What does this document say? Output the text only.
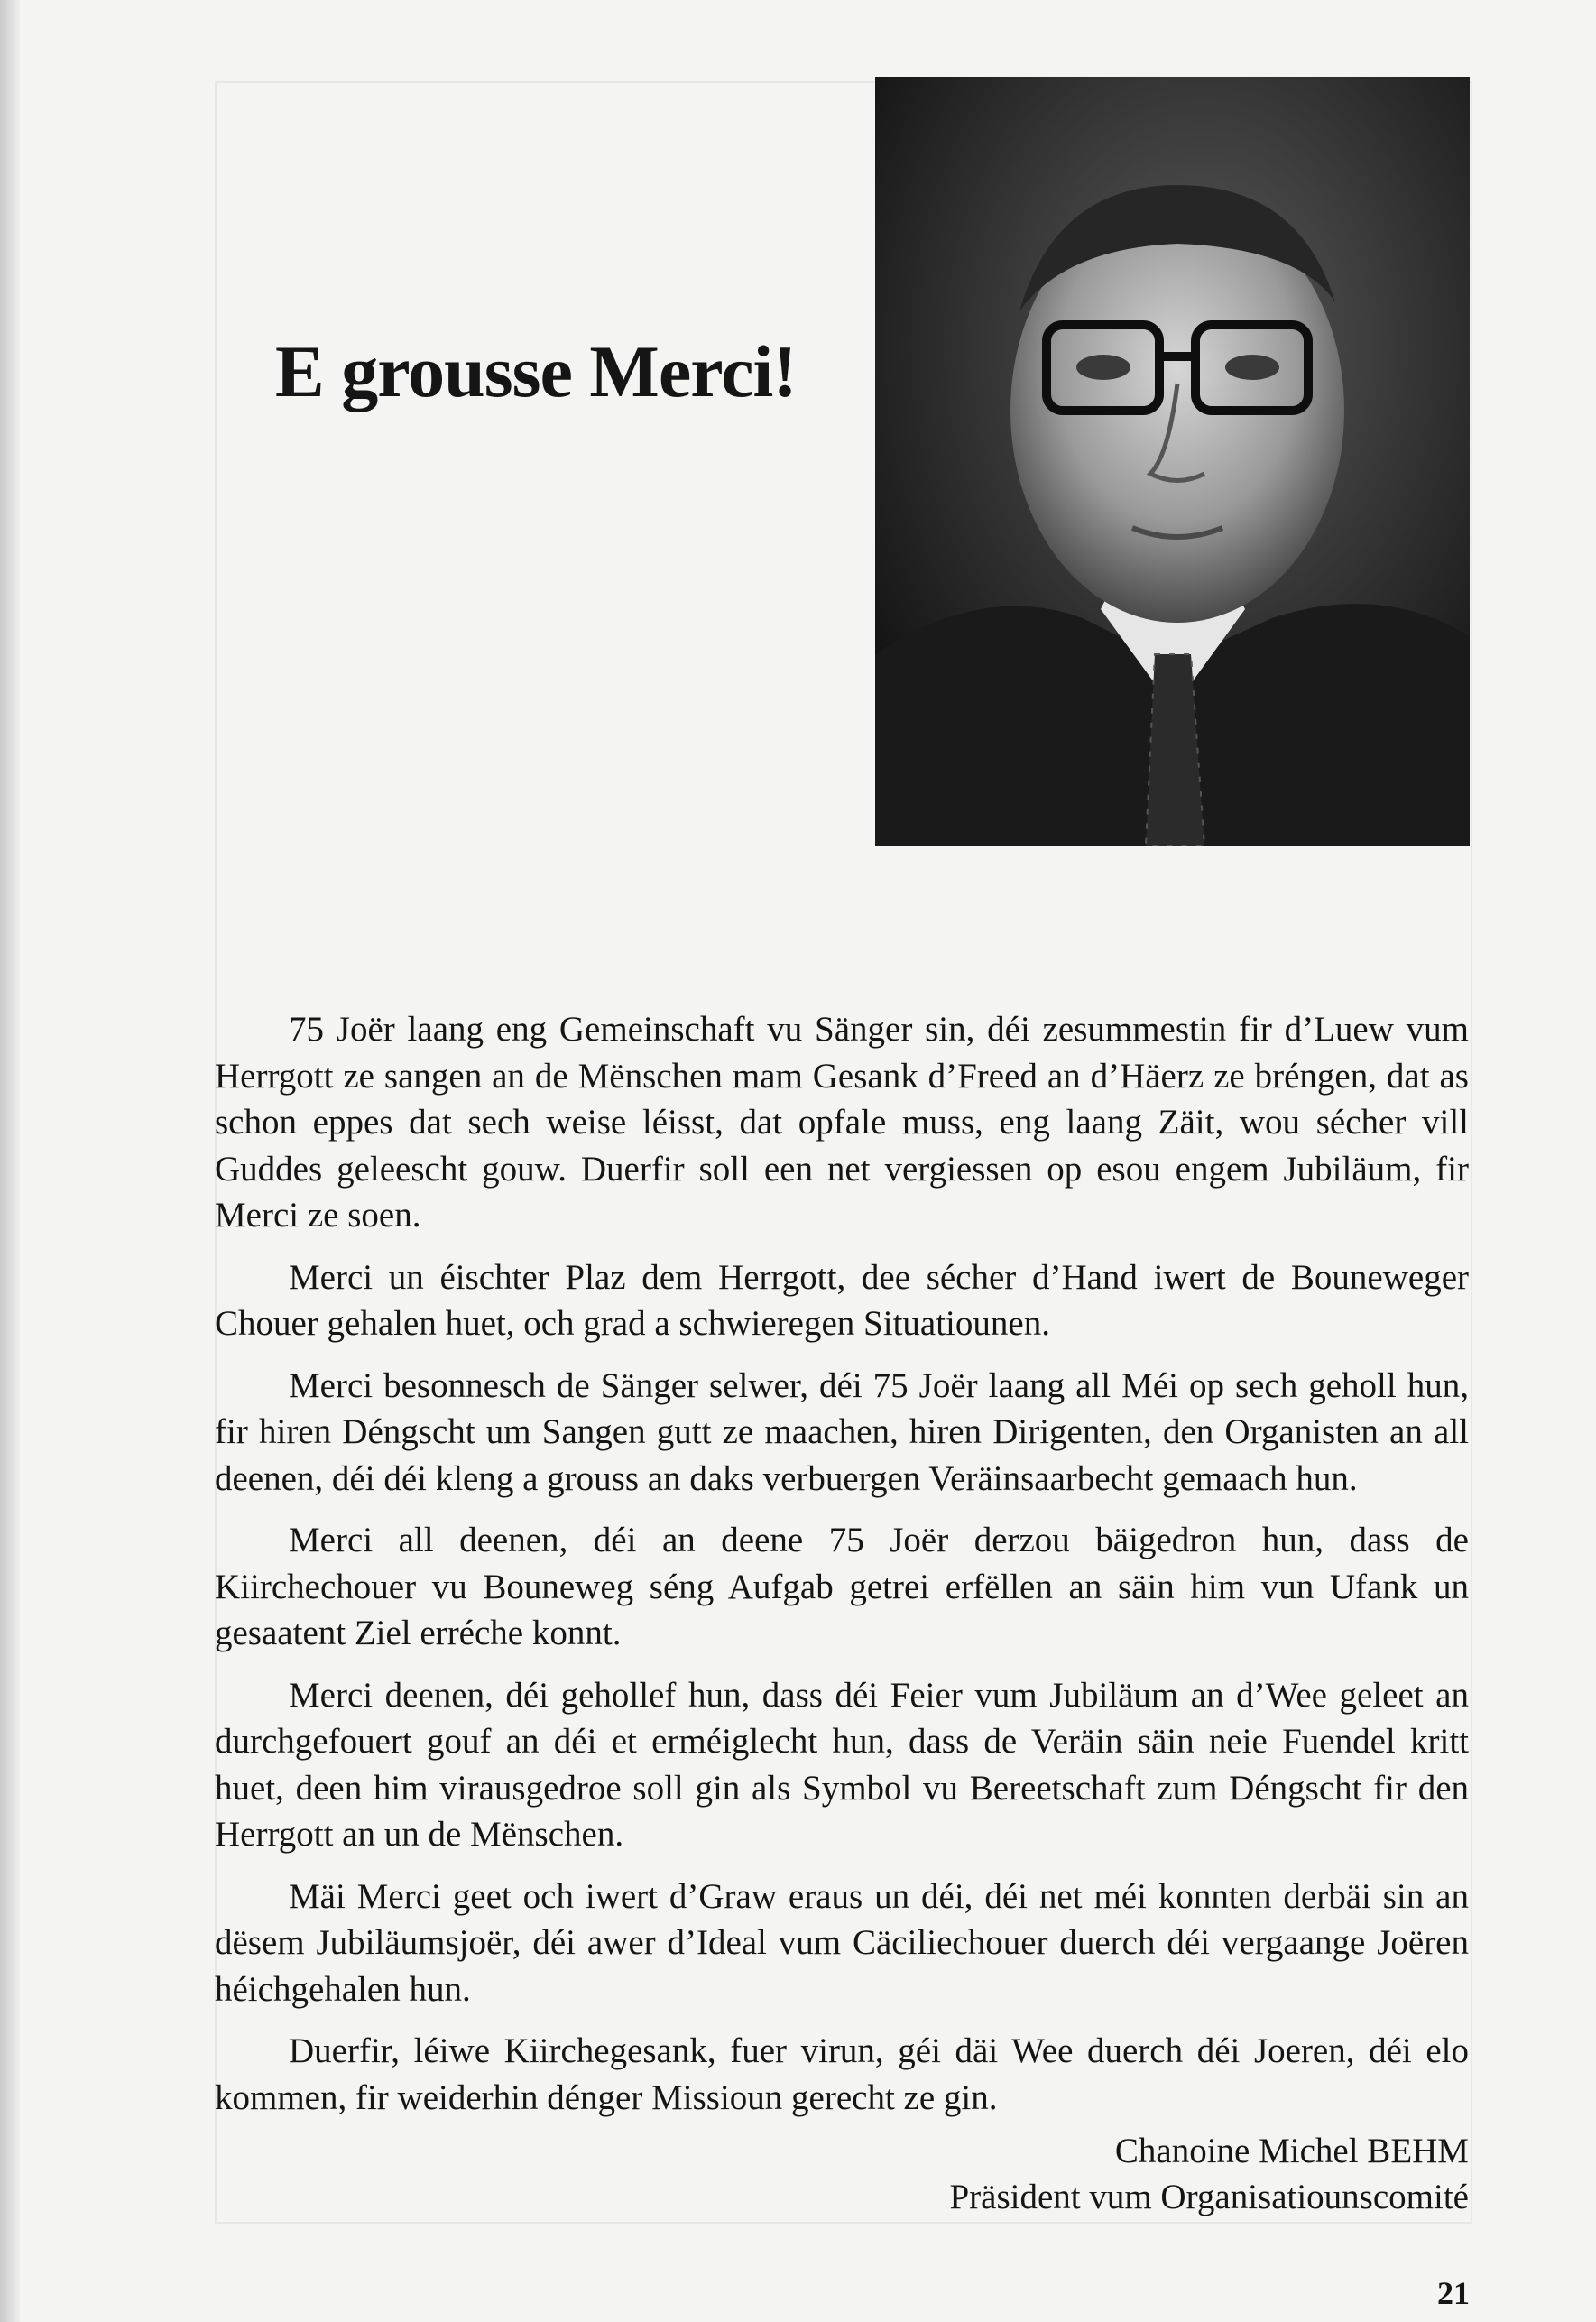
E grousse Merci!

75 Joër laang eng Gemeinschaft vu Sänger sin, déi zesummestin fir d’Luew vum Herrgott ze sangen an de Mënschen mam Gesank d’Freed an d’Häerz ze bréngen, dat as schon eppes dat sech weise léisst, dat opfale muss, eng laang Zäit, wou sécher vill Guddes geleescht gouw. Duerfir soll een net vergiessen op esou engem Jubiläum, fir Merci ze soen.

Merci un éischter Plaz dem Herrgott, dee sécher d’Hand iwert de Bouneweger Chouer gehalen huet, och grad a schwieregen Situatiounen.

Merci besonnesch de Sänger selwer, déi 75 Joër laang all Méi op sech geholl hun, fir hiren Déngscht um Sangen gutt ze maachen, hiren Dirigenten, den Organisten an all deenen, déi déi kleng a grouss an daks verbuergen Veräinsaarbecht gemaach hun.

Merci all deenen, déi an deene 75 Joër derzou bäigedron hun, dass de Kiirchechouer vu Bouneweg séng Aufgab getrei erfëllen an säin him vun Ufank un gesaatent Ziel erréche konnt.

Merci deenen, déi gehollef hun, dass déi Feier vum Jubiläum an d’Wee geleet an durchgefouert gouf an déi et erméiglecht hun, dass de Veräin säin neie Fuendel kritt huet, deen him virausgedroe soll gin als Symbol vu Bereetschaft zum Déngscht fir den Herrgott an un de Mënschen.

Mäi Merci geet och iwert d’Graw eraus un déi, déi net méi konnten derbäi sin an dësem Jubiläumsjoër, déi awer d’Ideal vum Cäciliechouer duerch déi vergaange Joëren héichgehalen hun.

Duerfir, léiwe Kiirchegesank, fuer virun, géi däi Wee duerch déi Joeren, déi elo kommen, fir weiderhin dénger Missioun gerecht ze gin.

Chanoine Michel BEHM
Präsident vum Organisatiounscomité
21
